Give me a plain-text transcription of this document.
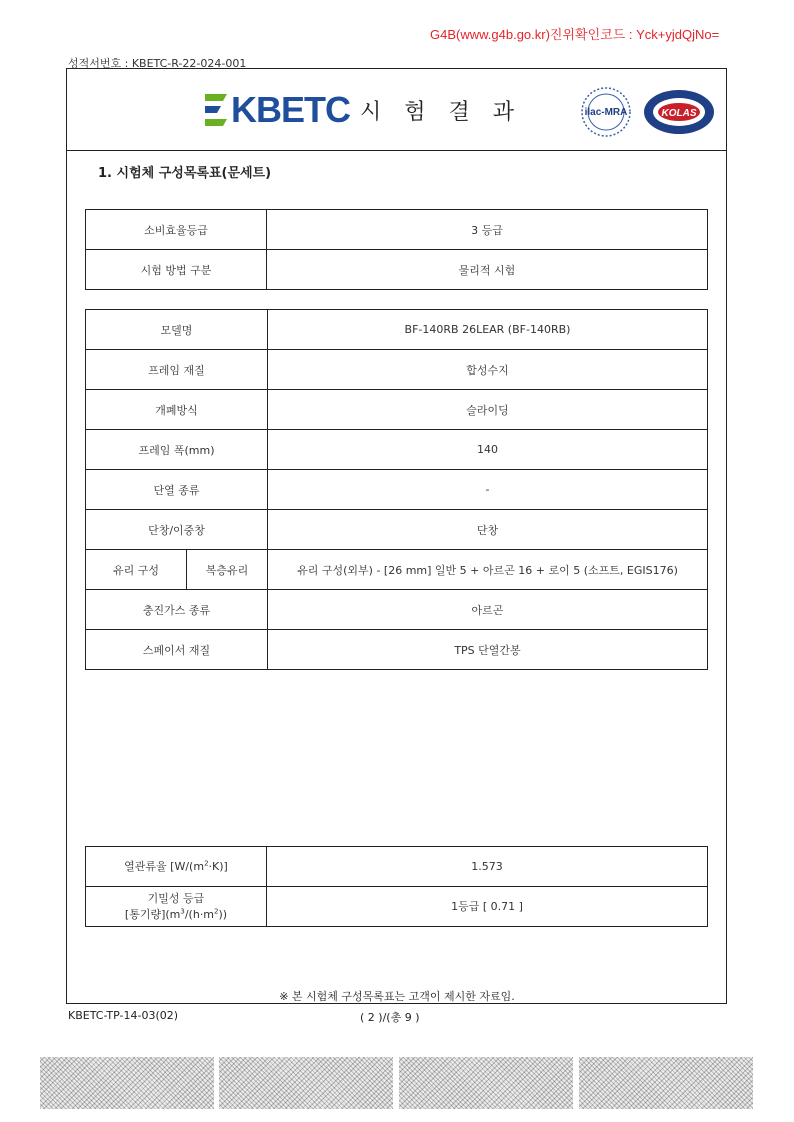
G4B(www.g4b.go.kr)진위확인코드 : Yck+yjdQjNo=
성적서번호 : KBETC-R-22-024-001
KBETC 시 험 결 과	ilac-MRA	KOLAS
1. 시험체 구성목록표(문세트)
소비효율등급	3 등급
시험 방법 구분	물리적 시험
모델명		BF-140RB 26LEAR (BF-140RB)
프레임 재질		합성수지
개폐방식		슬라이딩
프레임 폭(mm)		140
단열 종류		-
단창/이중창		단창
유리 구성	복층유리	유리 구성(외부) - [26 mm] 일반 5 + 아르곤 16 + 로이 5 (소프트, EGIS176)
충진가스 종류		아르곤
스페이서 재질		TPS 단열간봉
열관류율 $[W/(m^2\cdot K)]$	1.573
기밀성 등급
[통기량]$(m^3/(h\cdot m^2))$	1등급 [ 0.71 ]
※ 본 시험체 구성목록표는 고객이 제시한 자료임.
KBETC-TP-14-03(02)	( 2 )/(총 9 )
